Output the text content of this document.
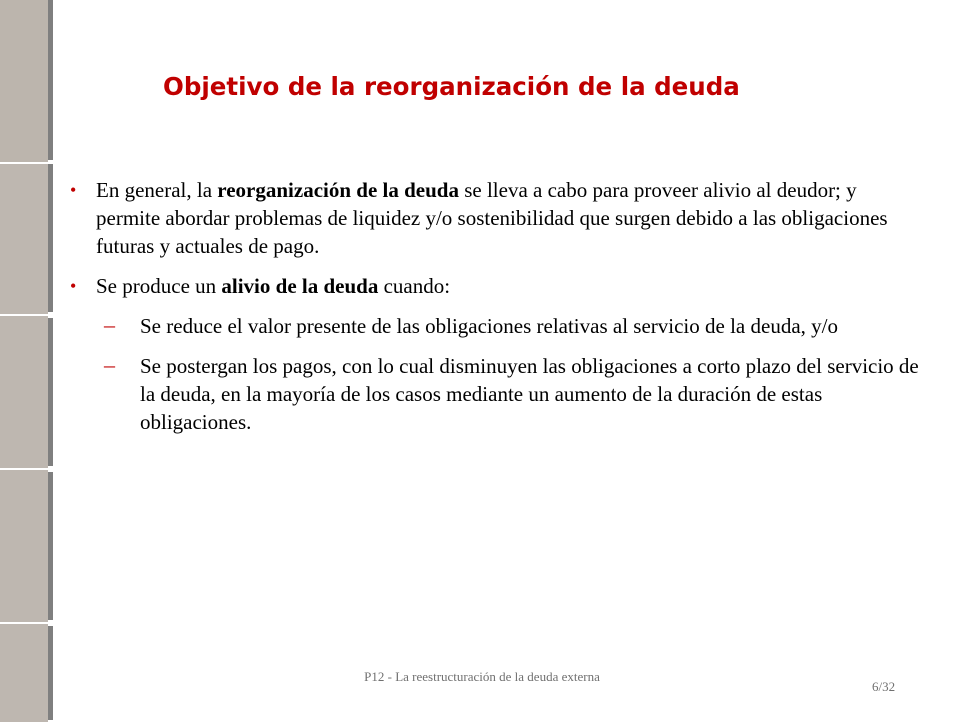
Objetivo de la reorganización de la deuda
• En general, la reorganización de la deuda se lleva a cabo para proveer alivio al deudor; y permite abordar problemas de liquidez y/o sostenibilidad que surgen debido a las obligaciones futuras y actuales de pago.
• Se produce un alivio de la deuda cuando:
– Se reduce el valor presente de las obligaciones relativas al servicio de la deuda, y/o
– Se postergan los pagos, con lo cual disminuyen las obligaciones a corto plazo del servicio de la deuda, en la mayoría de los casos mediante un aumento de la duración de estas obligaciones.
P12 - La reestructuración de la deuda externa
6/32
